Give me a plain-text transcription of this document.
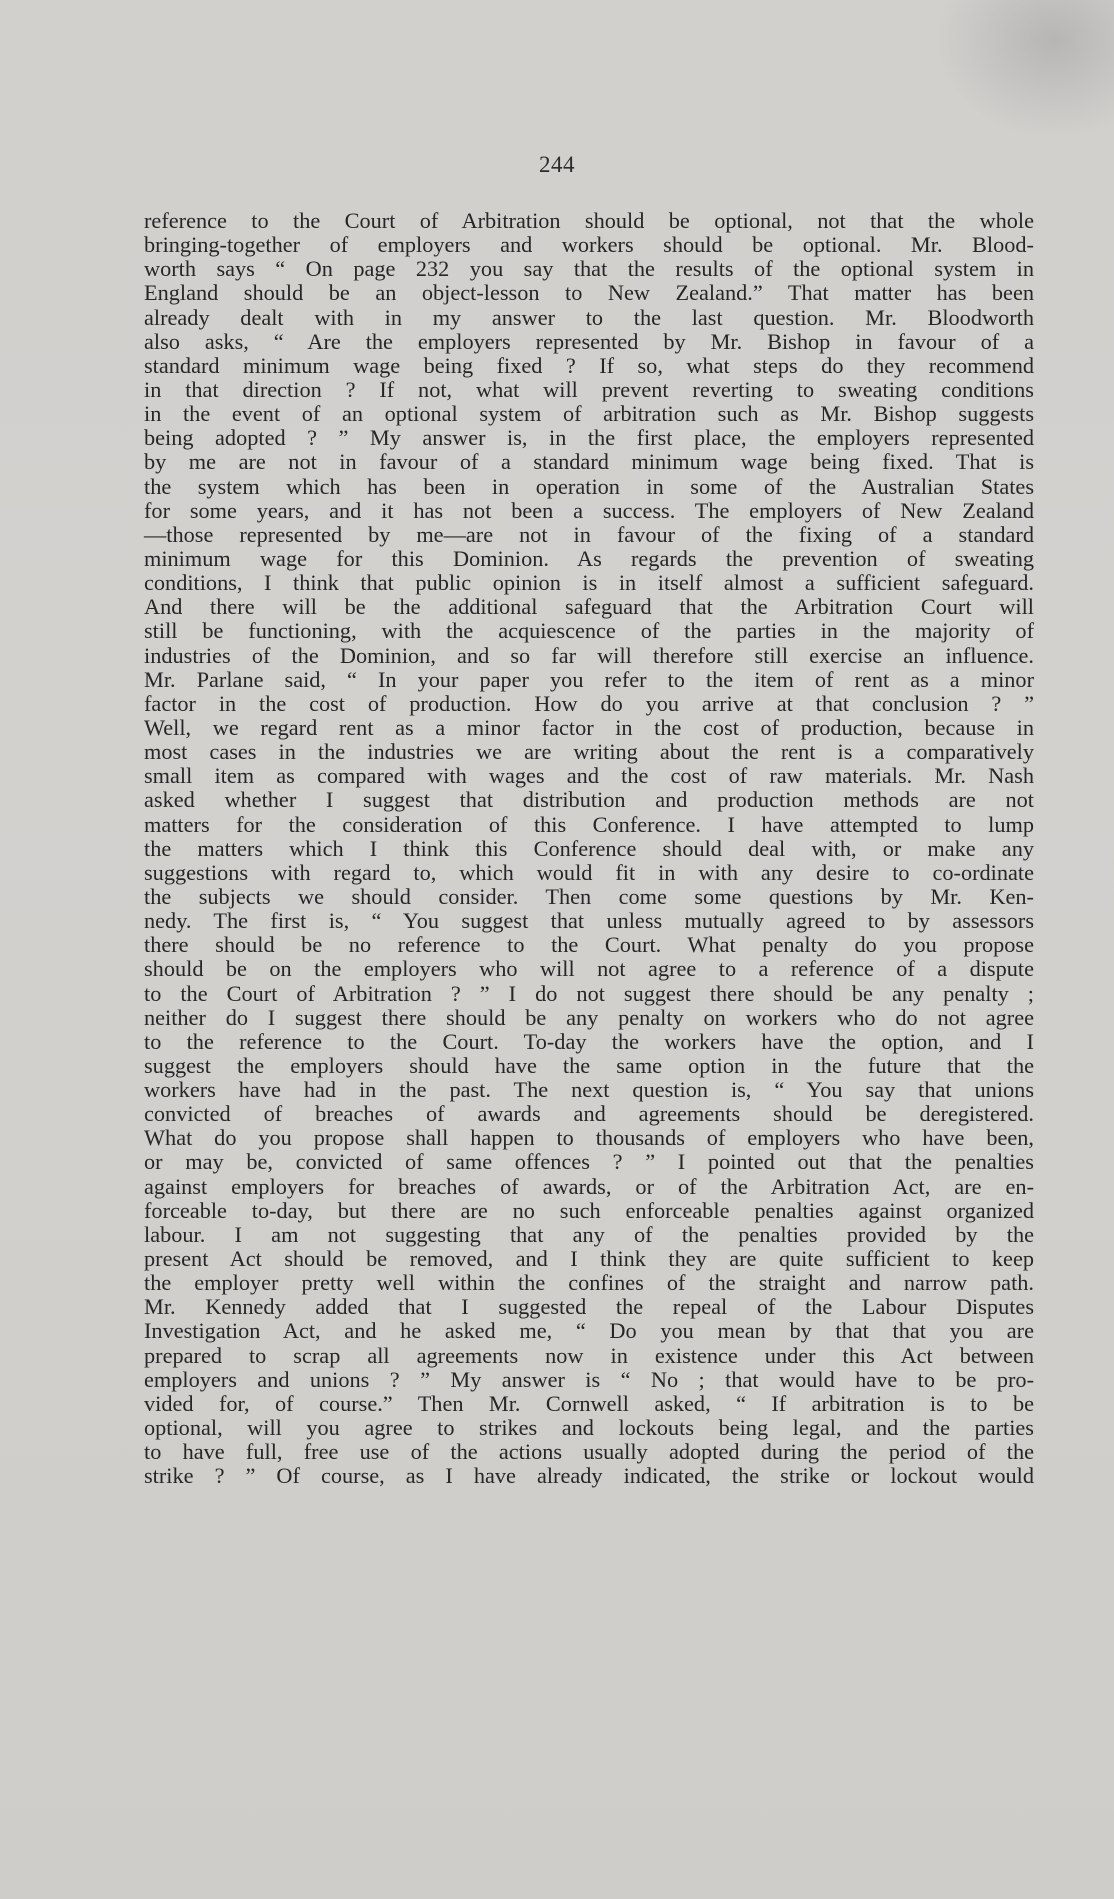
244
reference to the Court of Arbitration should be optional, not that the whole
bringing-together of employers and workers should be optional. Mr. Blood-
worth says “ On page 232 you say that the results of the optional system in
England should be an object-lesson to New Zealand.” That matter has been
already dealt with in my answer to the last question. Mr. Bloodworth
also asks, “ Are the employers represented by Mr. Bishop in favour of a
standard minimum wage being fixed ? If so, what steps do they recommend
in that direction ? If not, what will prevent reverting to sweating conditions
in the event of an optional system of arbitration such as Mr. Bishop suggests
being adopted ? ” My answer is, in the first place, the employers represented
by me are not in favour of a standard minimum wage being fixed. That is
the system which has been in operation in some of the Australian States
for some years, and it has not been a success. The employers of New Zealand
—those represented by me—are not in favour of the fixing of a standard
minimum wage for this Dominion. As regards the prevention of sweating
conditions, I think that public opinion is in itself almost a sufficient safeguard.
And there will be the additional safeguard that the Arbitration Court will
still be functioning, with the acquiescence of the parties in the majority of
industries of the Dominion, and so far will therefore still exercise an influence.
Mr. Parlane said, “ In your paper you refer to the item of rent as a minor
factor in the cost of production. How do you arrive at that conclusion ? ”
Well, we regard rent as a minor factor in the cost of production, because in
most cases in the industries we are writing about the rent is a comparatively
small item as compared with wages and the cost of raw materials. Mr. Nash
asked whether I suggest that distribution and production methods are not
matters for the consideration of this Conference. I have attempted to lump
the matters which I think this Conference should deal with, or make any
suggestions with regard to, which would fit in with any desire to co-ordinate
the subjects we should consider. Then come some questions by Mr. Ken-
nedy. The first is, “ You suggest that unless mutually agreed to by assessors
there should be no reference to the Court. What penalty do you propose
should be on the employers who will not agree to a reference of a dispute
to the Court of Arbitration ? ” I do not suggest there should be any penalty ;
neither do I suggest there should be any penalty on workers who do not agree
to the reference to the Court. To-day the workers have the option, and I
suggest the employers should have the same option in the future that the
workers have had in the past. The next question is, “ You say that unions
convicted of breaches of awards and agreements should be deregistered.
What do you propose shall happen to thousands of employers who have been,
or may be, convicted of same offences ? ” I pointed out that the penalties
against employers for breaches of awards, or of the Arbitration Act, are en-
forceable to-day, but there are no such enforceable penalties against organized
labour. I am not suggesting that any of the penalties provided by the
present Act should be removed, and I think they are quite sufficient to keep
the employer pretty well within the confines of the straight and narrow path.
Mr. Kennedy added that I suggested the repeal of the Labour Disputes
Investigation Act, and he asked me, “ Do you mean by that that you are
prepared to scrap all agreements now in existence under this Act between
employers and unions ? ” My answer is “ No ; that would have to be pro-
vided for, of course.” Then Mr. Cornwell asked, “ If arbitration is to be
optional, will you agree to strikes and lockouts being legal, and the parties
to have full, free use of the actions usually adopted during the period of the
strike ? ” Of course, as I have already indicated, the strike or lockout would
